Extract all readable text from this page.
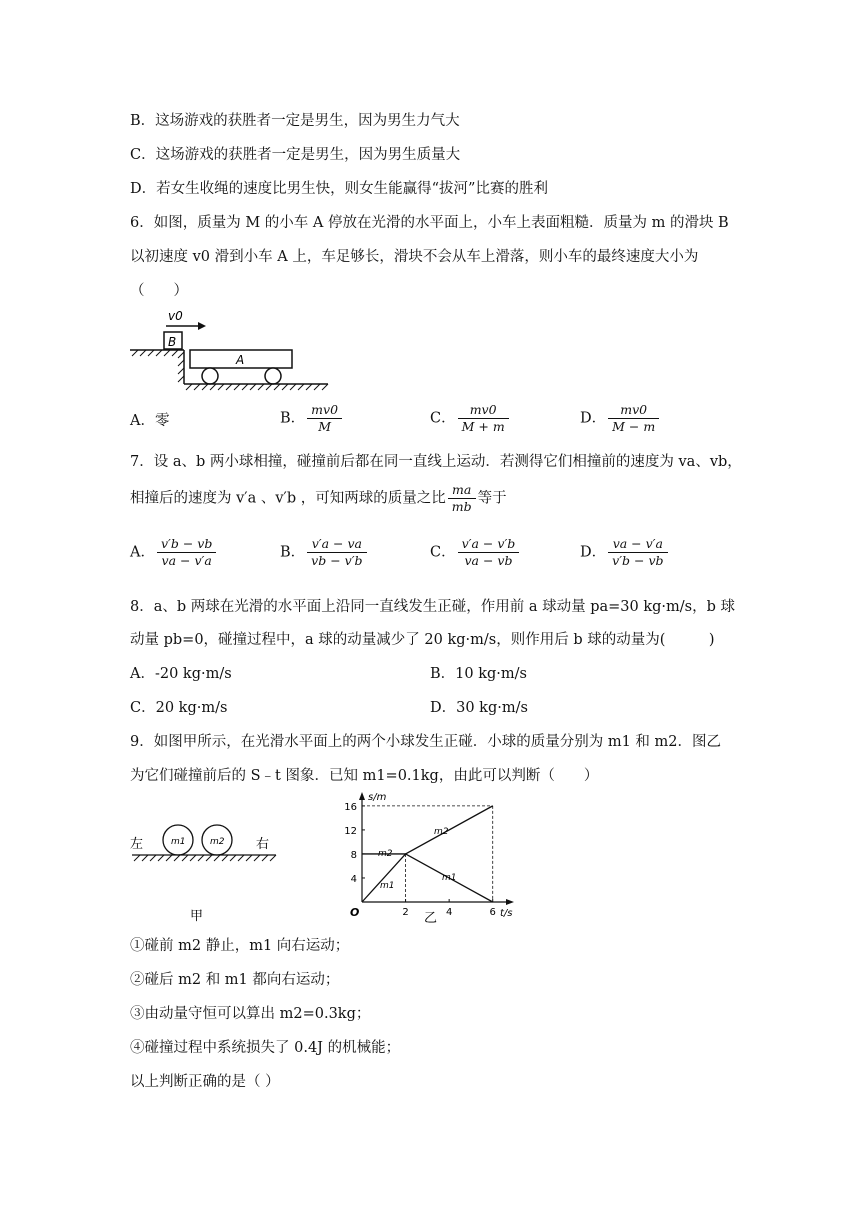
B．这场游戏的获胜者一定是男生，因为男生力气大
C．这场游戏的获胜者一定是男生，因为男生质量大
D．若女生收绳的速度比男生快，则女生能赢得“拔河”比赛的胜利
6．如图，质量为 M 的小车 A 停放在光滑的水平面上，小车上表面粗糙．质量为 m 的滑块 B
以初速度 v0 滑到小车 A 上，车足够长，滑块不会从车上滑落，则小车的最终速度大小为
（　　）
v0
B
A
A．零	B． $\frac{mv0}{M}$	C． $\frac{mv0}{M + m}$	D． $\frac{mv0}{M - m}$
7．设 a、b 两小球相撞，碰撞前后都在同一直线上运动．若测得它们相撞前的速度为 va、vb，
相撞后的速度为 v′a 、v′b ，可知两球的质量之比 $\frac{ma}{mb}$ 等于
A． $\frac{v'b - vb}{va - v'a}$	B． $\frac{v'a - va}{vb - v'b}$	C． $\frac{v'a - v'b}{va - vb}$	D． $\frac{va - v'a}{v'b - vb}$
8．a、b 两球在光滑的水平面上沿同一直线发生正碰，作用前 a 球动量 pa=30 kg·m/s，b 球
动量 pb=0，碰撞过程中，a 球的动量减少了 20 kg·m/s，则作用后 b 球的动量为(　　　)
A．-20 kg·m/s	B．10 kg·m/s
C．20 kg·m/s	D．30 kg·m/s
9．如图甲所示，在光滑水平面上的两个小球发生正碰．小球的质量分别为 m1 和 m2．图乙
为它们碰撞前后的 S﹣t 图象．已知 m1=0.1kg，由此可以判断（　　）
左	右
m1	m2
甲
s/m
t/s
O
4
8
12
16
2	4	6
m2
m1
m2
m1
乙
①碰前 m2 静止，m1 向右运动；
②碰后 m2 和 m1 都向右运动；
③由动量守恒可以算出 m2=0.3kg；
④碰撞过程中系统损失了 0.4J 的机械能；
以上判断正确的是（ ）
